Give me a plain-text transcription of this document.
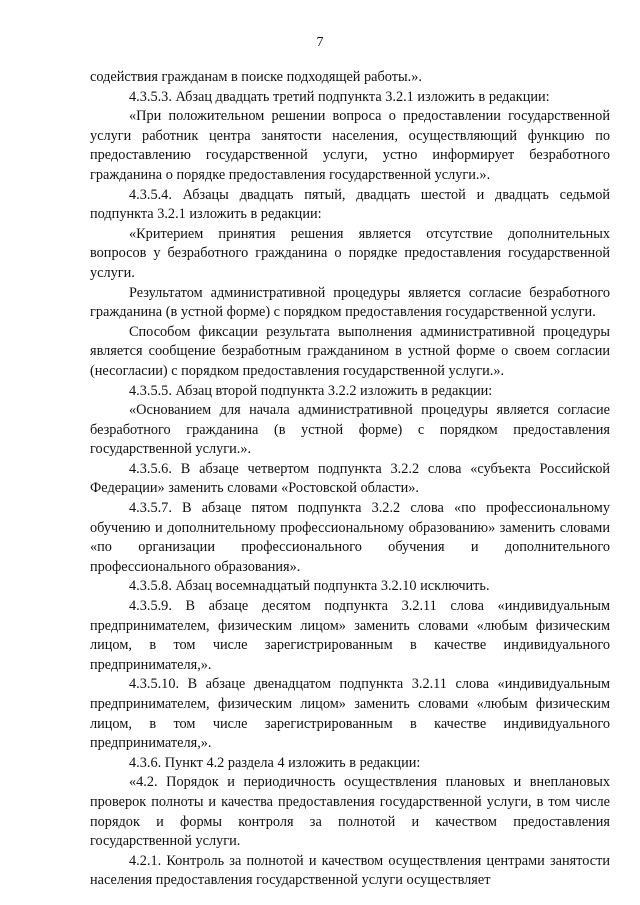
7

содействия гражданам в поиске подходящей работы.».

4.3.5.3. Абзац двадцать третий подпункта 3.2.1 изложить в редакции:

«При положительном решении вопроса о предоставлении государственной услуги работник центра занятости населения, осуществляющий функцию по предоставлению государственной услуги, устно информирует безработного гражданина о порядке предоставления государственной услуги.».

4.3.5.4. Абзацы двадцать пятый, двадцать шестой и двадцать седьмой подпункта 3.2.1 изложить в редакции:

«Критерием принятия решения является отсутствие дополнительных вопросов у безработного гражданина о порядке предоставления государственной услуги.

Результатом административной процедуры является согласие безработного гражданина (в устной форме) с порядком предоставления государственной услуги.

Способом фиксации результата выполнения административной процедуры является сообщение безработным гражданином в устной форме о своем согласии (несогласии) с порядком предоставления государственной услуги.».

4.3.5.5. Абзац второй подпункта 3.2.2 изложить в редакции:

«Основанием для начала административной процедуры является согласие безработного гражданина (в устной форме) с порядком предоставления государственной услуги.».

4.3.5.6. В абзаце четвертом подпункта 3.2.2 слова «субъекта Российской Федерации» заменить словами «Ростовской области».

4.3.5.7. В абзаце пятом подпункта 3.2.2 слова «по профессиональному обучению и дополнительному профессиональному образованию» заменить словами «по организации профессионального обучения и дополнительного профессионального образования».

4.3.5.8. Абзац восемнадцатый подпункта 3.2.10 исключить.

4.3.5.9. В абзаце десятом подпункта 3.2.11 слова «индивидуальным предпринимателем, физическим лицом» заменить словами «любым физическим лицом, в том числе зарегистрированным в качестве индивидуального предпринимателя,».

4.3.5.10. В абзаце двенадцатом подпункта 3.2.11 слова «индивидуальным предпринимателем, физическим лицом» заменить словами «любым физическим лицом, в том числе зарегистрированным в качестве индивидуального предпринимателя,».

4.3.6. Пункт 4.2 раздела 4 изложить в редакции:

«4.2. Порядок и периодичность осуществления плановых и внеплановых проверок полноты и качества предоставления государственной услуги, в том числе порядок и формы контроля за полнотой и качеством предоставления государственной услуги.

4.2.1. Контроль за полнотой и качеством осуществления центрами занятости населения предоставления государственной услуги осуществляет
